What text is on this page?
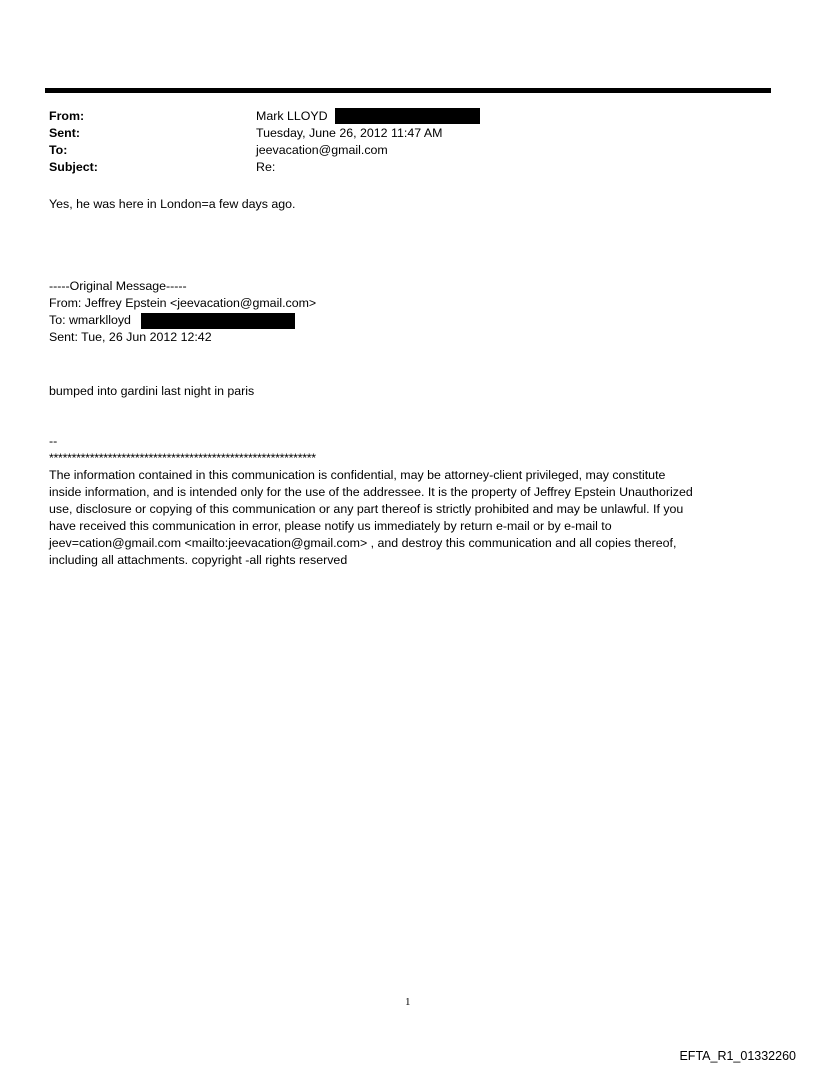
From:	Mark LLOYD
Sent:	Tuesday, June 26, 2012 11:47 AM
To:	jeevacation@gmail.com
Subject:	Re:
Yes, he was here in London=a few days ago.
-----Original Message-----
From: Jeffrey Epstein <jeevacation@gmail.com>
To: wmarklloyd
Sent: Tue, 26 Jun 2012 12:42
bumped into gardini last night in paris
--
***********************************************************
The information contained in this communication is confidential, may be attorney-client privileged, may constitute
inside information, and is intended only for the use of the addressee. It is the property of Jeffrey Epstein Unauthorized
use, disclosure or copying of this communication or any part thereof is strictly prohibited and may be unlawful. If you
have received this communication in error, please notify us immediately by return e-mail or by e-mail to
jeev=cation@gmail.com <mailto:jeevacation@gmail.com> , and destroy this communication and all copies thereof,
including all attachments. copyright -all rights reserved
1
EFTA_R1_01332260
